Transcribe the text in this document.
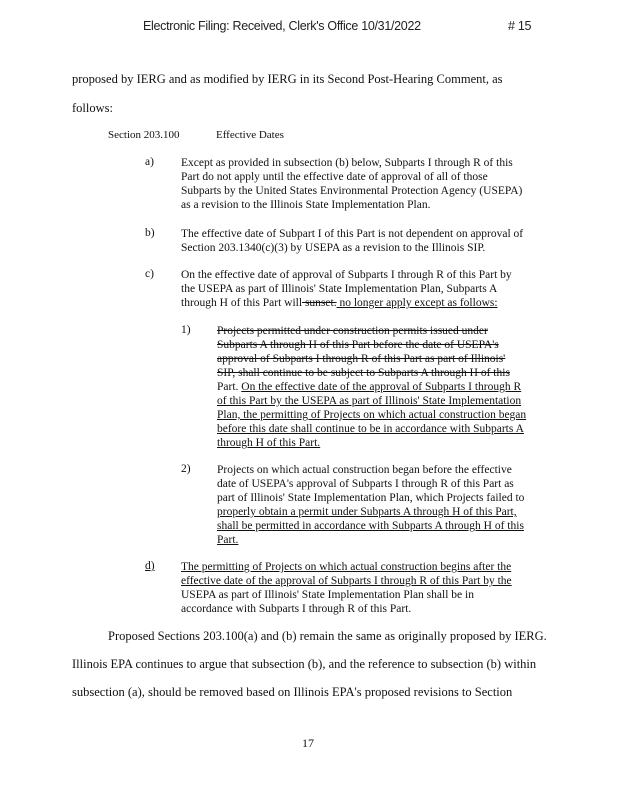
Electronic Filing: Received, Clerk's Office 10/31/2022	# 15
proposed by IERG and as modified by IERG in its Second Post-Hearing Comment, as
follows:
Section 203.100	Effective Dates
a) Except as provided in subsection (b) below, Subparts I through R of this
Part do not apply until the effective date of approval of all of those
Subparts by the United States Environmental Protection Agency (USEPA)
as a revision to the Illinois State Implementation Plan.
b) The effective date of Subpart I of this Part is not dependent on approval of
Section 203.1340(c)(3) by USEPA as a revision to the Illinois SIP.
c) On the effective date of approval of Subparts I through R of this Part by
the USEPA as part of Illinois' State Implementation Plan, Subparts A
through H of this Part will sunset. no longer apply except as follows:
1) Projects permitted under construction permits issued under
Subparts A through H of this Part before the date of USEPA's
approval of Subparts I through R of this Part as part of Illinois'
SIP, shall continue to be subject to Subparts A through H of this
Part. On the effective date of the approval of Subparts I through R
of this Part by the USEPA as part of Illinois' State Implementation
Plan, the permitting of Projects on which actual construction began
before this date shall continue to be in accordance with Subparts A
through H of this Part.
2) Projects on which actual construction began before the effective
date of USEPA's approval of Subparts I through R of this Part as
part of Illinois' State Implementation Plan, which Projects failed to
properly obtain a permit under Subparts A through H of this Part,
shall be permitted in accordance with Subparts A through H of this
Part.
d) The permitting of Projects on which actual construction begins after the
effective date of the approval of Subparts I through R of this Part by the
USEPA as part of Illinois' State Implementation Plan shall be in
accordance with Subparts I through R of this Part.
Proposed Sections 203.100(a) and (b) remain the same as originally proposed by IERG.
Illinois EPA continues to argue that subsection (b), and the reference to subsection (b) within
subsection (a), should be removed based on Illinois EPA's proposed revisions to Section
17
